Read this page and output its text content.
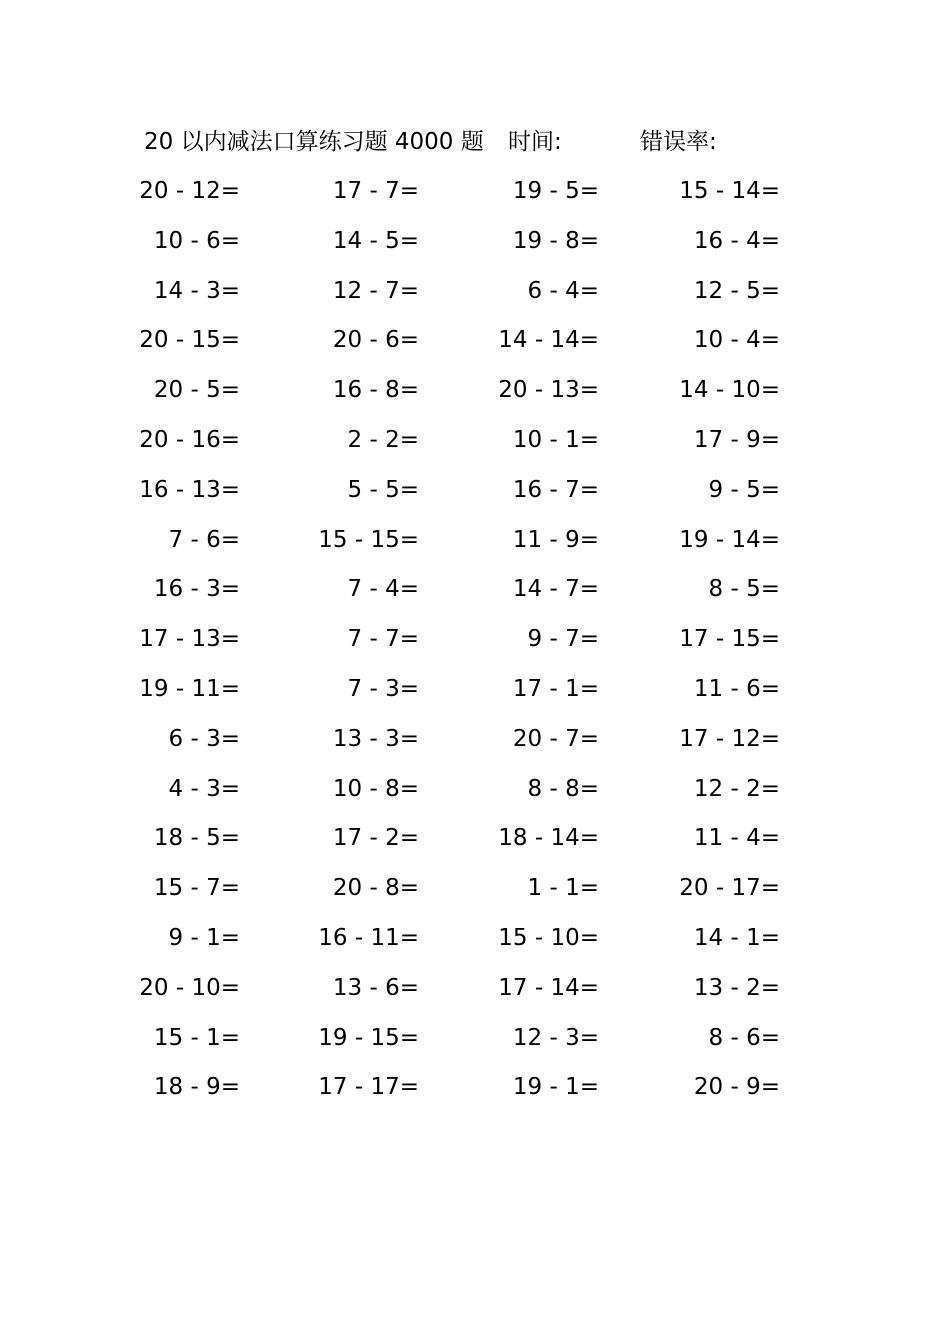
20 以内减法口算练习题 4000 题 时间:	错误率:
20 - 12=	17 - 7=	19 - 5=	15 - 14=
10 - 6=	14 - 5=	19 - 8=	16 - 4=
14 - 3=	12 - 7=	6 - 4=	12 - 5=
20 - 15=	20 - 6=	14 - 14=	10 - 4=
20 - 5=	16 - 8=	20 - 13=	14 - 10=
20 - 16=	2 - 2=	10 - 1=	17 - 9=
16 - 13=	5 - 5=	16 - 7=	9 - 5=
7 - 6=	15 - 15=	11 - 9=	19 - 14=
16 - 3=	7 - 4=	14 - 7=	8 - 5=
17 - 13=	7 - 7=	9 - 7=	17 - 15=
19 - 11=	7 - 3=	17 - 1=	11 - 6=
6 - 3=	13 - 3=	20 - 7=	17 - 12=
4 - 3=	10 - 8=	8 - 8=	12 - 2=
18 - 5=	17 - 2=	18 - 14=	11 - 4=
15 - 7=	20 - 8=	1 - 1=	20 - 17=
9 - 1=	16 - 11=	15 - 10=	14 - 1=
20 - 10=	13 - 6=	17 - 14=	13 - 2=
15 - 1=	19 - 15=	12 - 3=	8 - 6=
18 - 9=	17 - 17=	19 - 1=	20 - 9=
